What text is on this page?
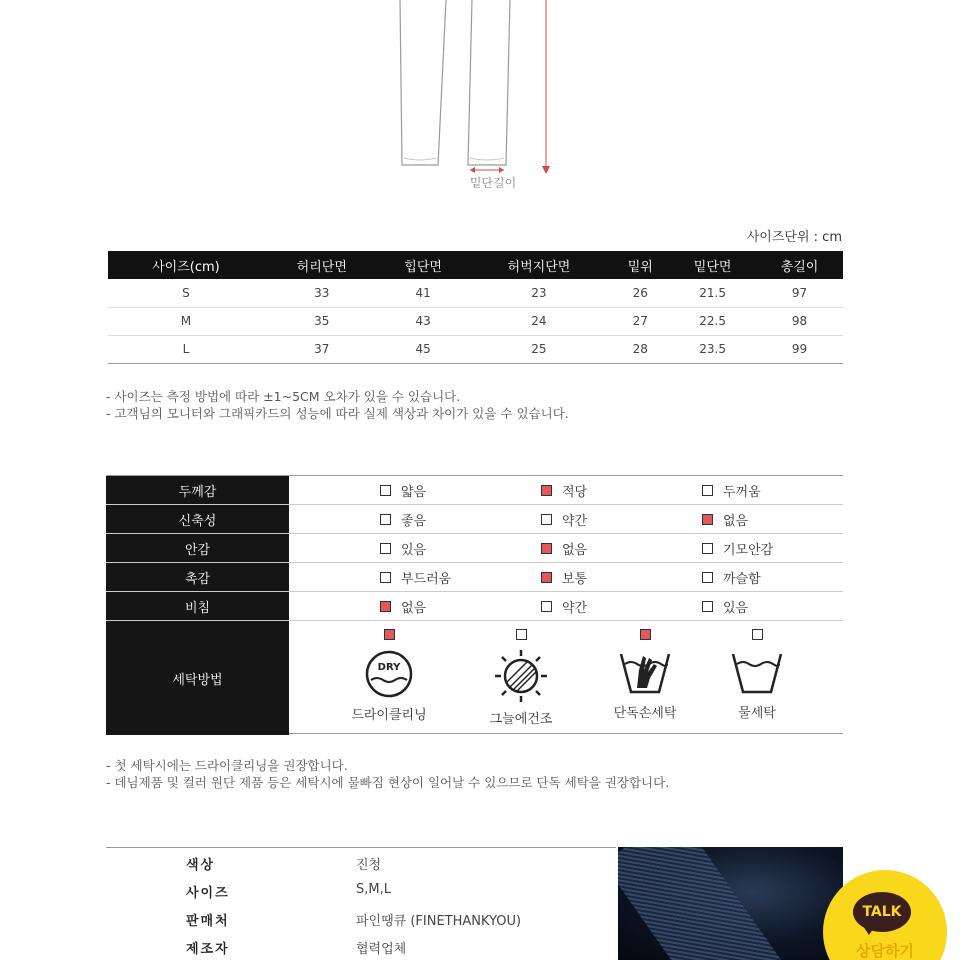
밑단길이
사이즈단위 : cm
사이즈(cm)	허리단면	힙단면	허벅지단면	밑위	밑단면	총길이
S	33	41	23	26	21.5	97
M	35	43	24	27	22.5	98
L	37	45	25	28	23.5	99
- 사이즈는 측정 방법에 따라 ±1~5CM 오차가 있을 수 있습니다.
- 고객님의 모니터와 그래픽카드의 성능에 따라 실제 색상과 차이가 있을 수 있습니다.
두께감	얇음	적당	두꺼움
신축성	좋음	약간	없음
안감	있음	없음	기모안감
촉감	부드러움	보통	까슬함
비침	없음	약간	있음
세탁방법
DRY
드라이클리닝	그늘에건조	단독손세탁	물세탁
- 첫 세탁시에는 드라이클리닝을 권장합니다.
- 데님제품 및 컬러 원단 제품 등은 세탁시에 물빠짐 현상이 일어날 수 있으므로 단독 세탁을 권장합니다.
색상	진청
사이즈	S,M,L
판매처	파인땡큐 (FINETHANKYOU)
제조자	협력업체
TALK
상담하기
